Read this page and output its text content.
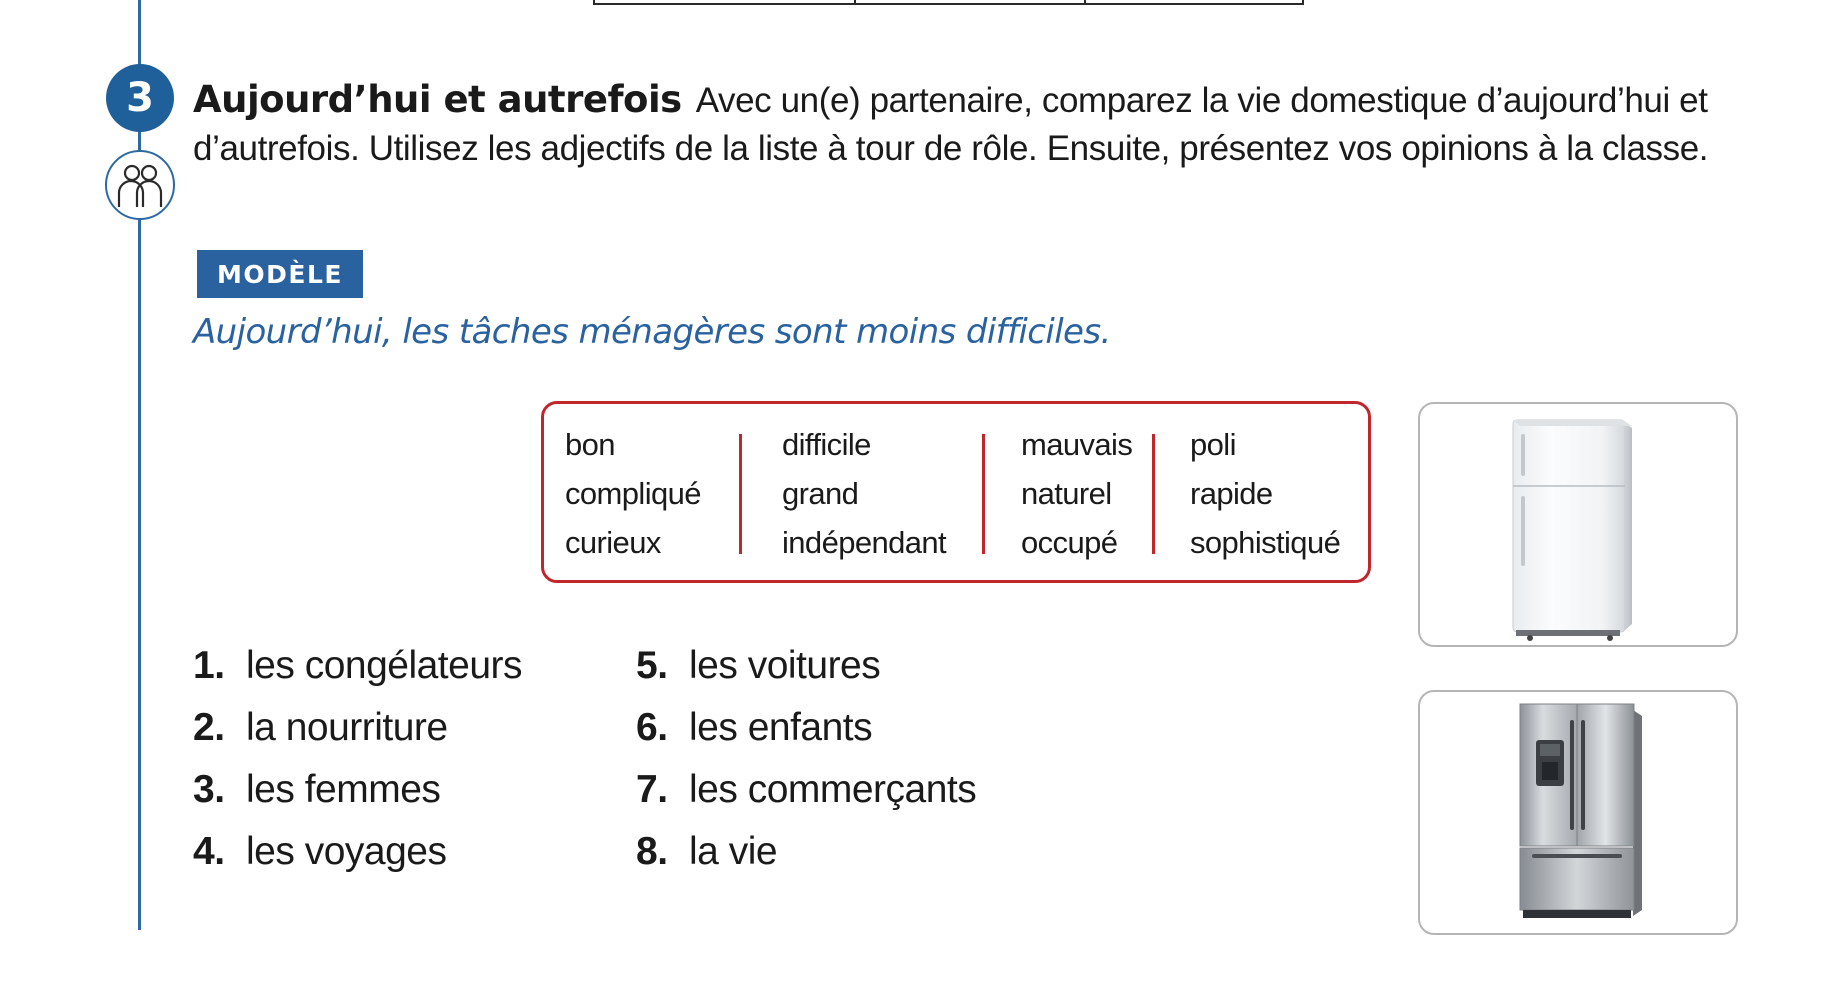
3 Aujourd’hui et autrefois Avec un(e) partenaire, comparez la vie domestique d’aujourd’hui et d’autrefois. Utilisez les adjectifs de la liste à tour de rôle. Ensuite, présentez vos opinions à la classe.
MODÈLE
Aujourd’hui, les tâches ménagères sont moins difficiles.
bon
compliqué
curieux
difficile
grand
indépendant
mauvais
naturel
occupé
poli
rapide
sophistiqué
1. les congélateurs
2. la nourriture
3. les femmes
4. les voyages
5. les voitures
6. les enfants
7. les commerçants
8. la vie
